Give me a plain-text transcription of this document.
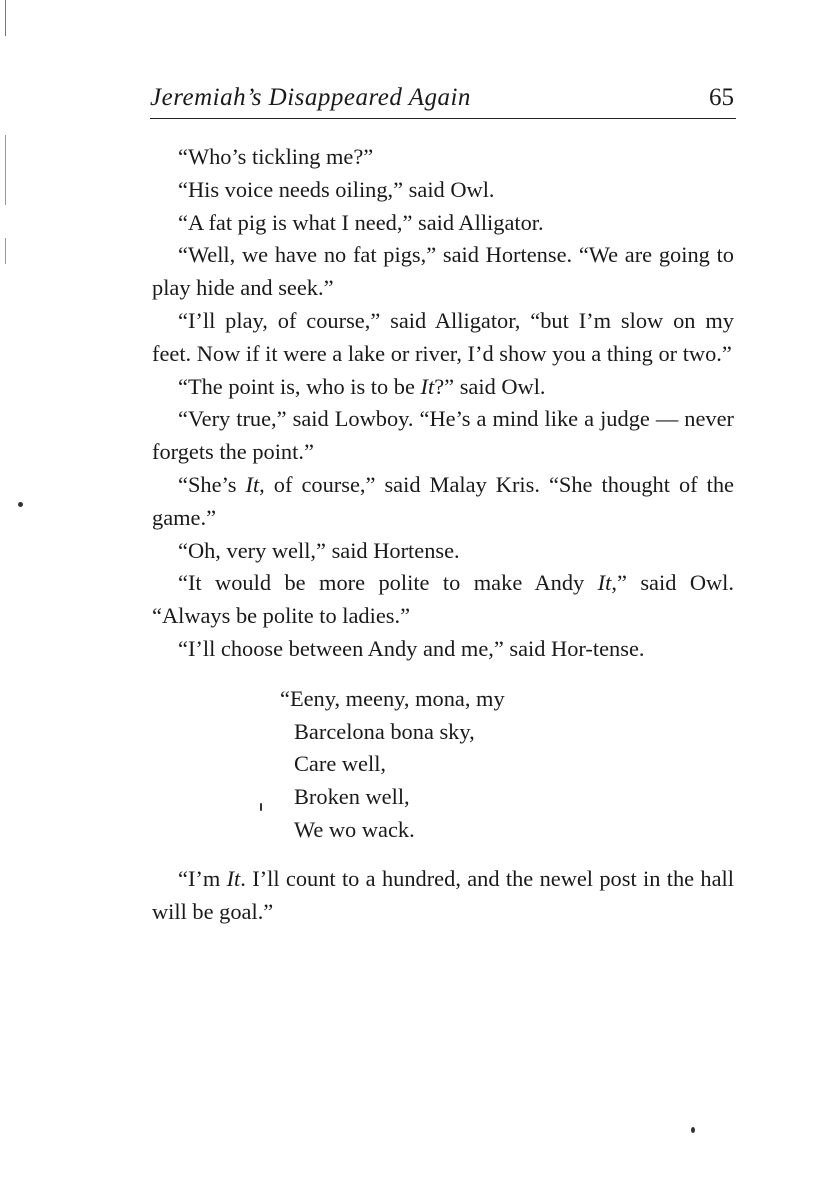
Jeremiah’s Disappeared Again	65

“Who’s tickling me?”

“His voice needs oiling,” said Owl.

“A fat pig is what I need,” said Alligator.

“Well, we have no fat pigs,” said Hortense. “We are going to play hide and seek.”

“I’ll play, of course,” said Alligator, “but I’m slow on my feet. Now if it were a lake or river, I’d show you a thing or two.”

“The point is, who is to be It?” said Owl.

“Very true,” said Lowboy. “He’s a mind like a judge — never forgets the point.”

“She’s It, of course,” said Malay Kris. “She thought of the game.”

“Oh, very well,” said Hortense.

“It would be more polite to make Andy It,” said Owl. “Always be polite to ladies.”

“I’ll choose between Andy and me,” said Hor-tense.

“Eeny, meeny, mona, my
Barcelona bona sky,
Care well,
Broken well,
We wo wack.

“I’m It. I’ll count to a hundred, and the newel post in the hall will be goal.”
